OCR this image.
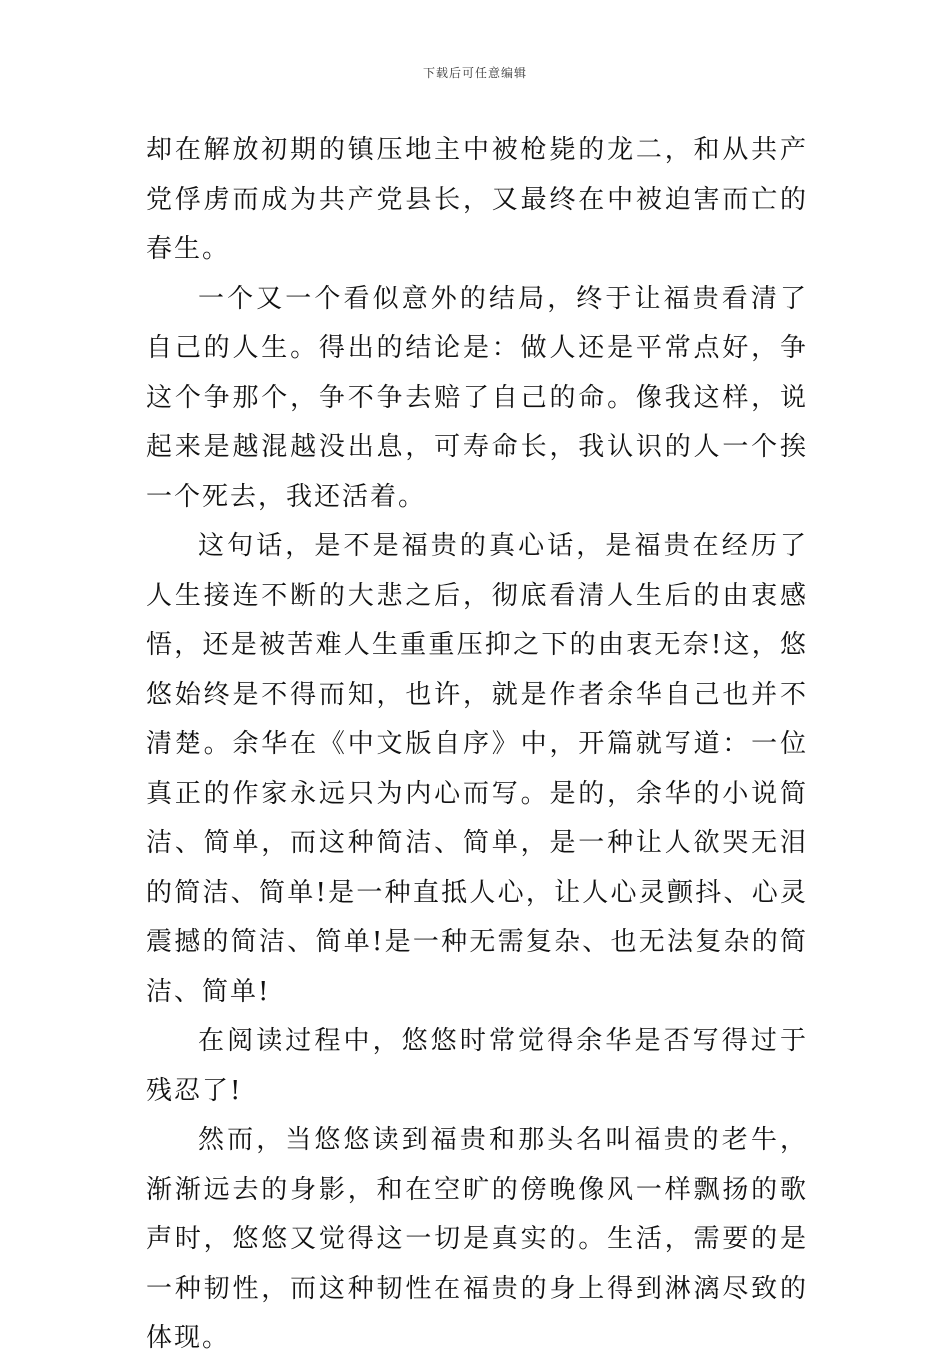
下载后可任意编辑

却在解放初期的镇压地主中被枪毙的龙二，和从共产党俘虏而成为共产党县长，又最终在中被迫害而亡的春生。

一个又一个看似意外的结局，终于让福贵看清了自己的人生。得出的结论是：做人还是平常点好，争这个争那个，争不争去赔了自己的命。像我这样，说起来是越混越没出息，可寿命长，我认识的人一个挨一个死去，我还活着。

这句话，是不是福贵的真心话，是福贵在经历了人生接连不断的大悲之后，彻底看清人生后的由衷感悟，还是被苦难人生重重压抑之下的由衷无奈!这，悠悠始终是不得而知，也许，就是作者余华自己也并不清楚。余华在《中文版自序》中，开篇就写道：一位真正的作家永远只为内心而写。是的，余华的小说简洁、简单，而这种简洁、简单，是一种让人欲哭无泪的简洁、简单!是一种直抵人心，让人心灵颤抖、心灵震撼的简洁、简单!是一种无需复杂、也无法复杂的简洁、简单!

在阅读过程中，悠悠时常觉得余华是否写得过于残忍了!

然而，当悠悠读到福贵和那头名叫福贵的老牛，渐渐远去的身影，和在空旷的傍晚像风一样飘扬的歌声时，悠悠又觉得这一切是真实的。生活，需要的是一种韧性，而这种韧性在福贵的身上得到淋漓尽致的体现。
